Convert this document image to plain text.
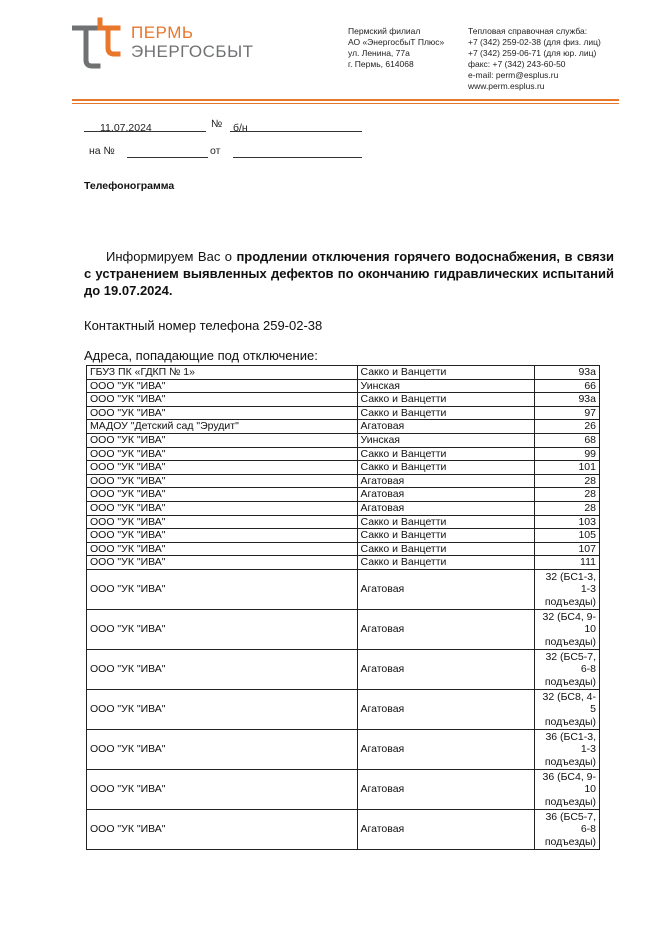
ПЕРМЬ
ЭНЕРГОСБЫТ
Пермский филиал
АО «ЭнергосбыТ Плюс»
ул. Ленина, 77а
г. Пермь, 614068
Тепловая справочная служба:
+7 (342) 259-02-38 (для физ. лиц)
+7 (342) 259-06-71 (для юр. лиц)
факс: +7 (342) 243-60-50
e-mail: perm@esplus.ru
www.perm.esplus.ru
11.07.2024	№ б/н
на №	от
Телефонограмма
Информируем Вас о продлении отключения горячего водоснабжения, в связи с устранением выявленных дефектов по окончанию гидравлических испытаний до 19.07.2024.
Контактный номер телефона 259-02-38
Адреса, попадающие под отключение:
ГБУЗ ПК «ГДКП № 1»	Сакко и Ванцетти	93а
ООО "УК "ИВА"	Уинская	66
ООО "УК "ИВА"	Сакко и Ванцетти	93а
ООО "УК "ИВА"	Сакко и Ванцетти	97
МАДОУ "Детский сад "Эрудит"	Агатовая	26
ООО "УК "ИВА"	Уинская	68
ООО "УК "ИВА"	Сакко и Ванцетти	99
ООО "УК "ИВА"	Сакко и Ванцетти	101
ООО "УК "ИВА"	Агатовая	28
ООО "УК "ИВА"	Агатовая	28
ООО "УК "ИВА"	Агатовая	28
ООО "УК "ИВА"	Сакко и Ванцетти	103
ООО "УК "ИВА"	Сакко и Ванцетти	105
ООО "УК "ИВА"	Сакко и Ванцетти	107
ООО "УК "ИВА"	Сакко и Ванцетти	111
ООО "УК "ИВА"	Агатовая	32 (БС1-3, 1-3 подъезды)
ООО "УК "ИВА"	Агатовая	32 (БС4, 9-10 подъезды)
ООО "УК "ИВА"	Агатовая	32 (БС5-7, 6-8 подъезды)
ООО "УК "ИВА"	Агатовая	32 (БС8, 4-5 подъезды)
ООО "УК "ИВА"	Агатовая	36 (БС1-3, 1-3 подъезды)
ООО "УК "ИВА"	Агатовая	36 (БС4, 9-10 подъезды)
ООО "УК "ИВА"	Агатовая	36 (БС5-7, 6-8 подъезды)
